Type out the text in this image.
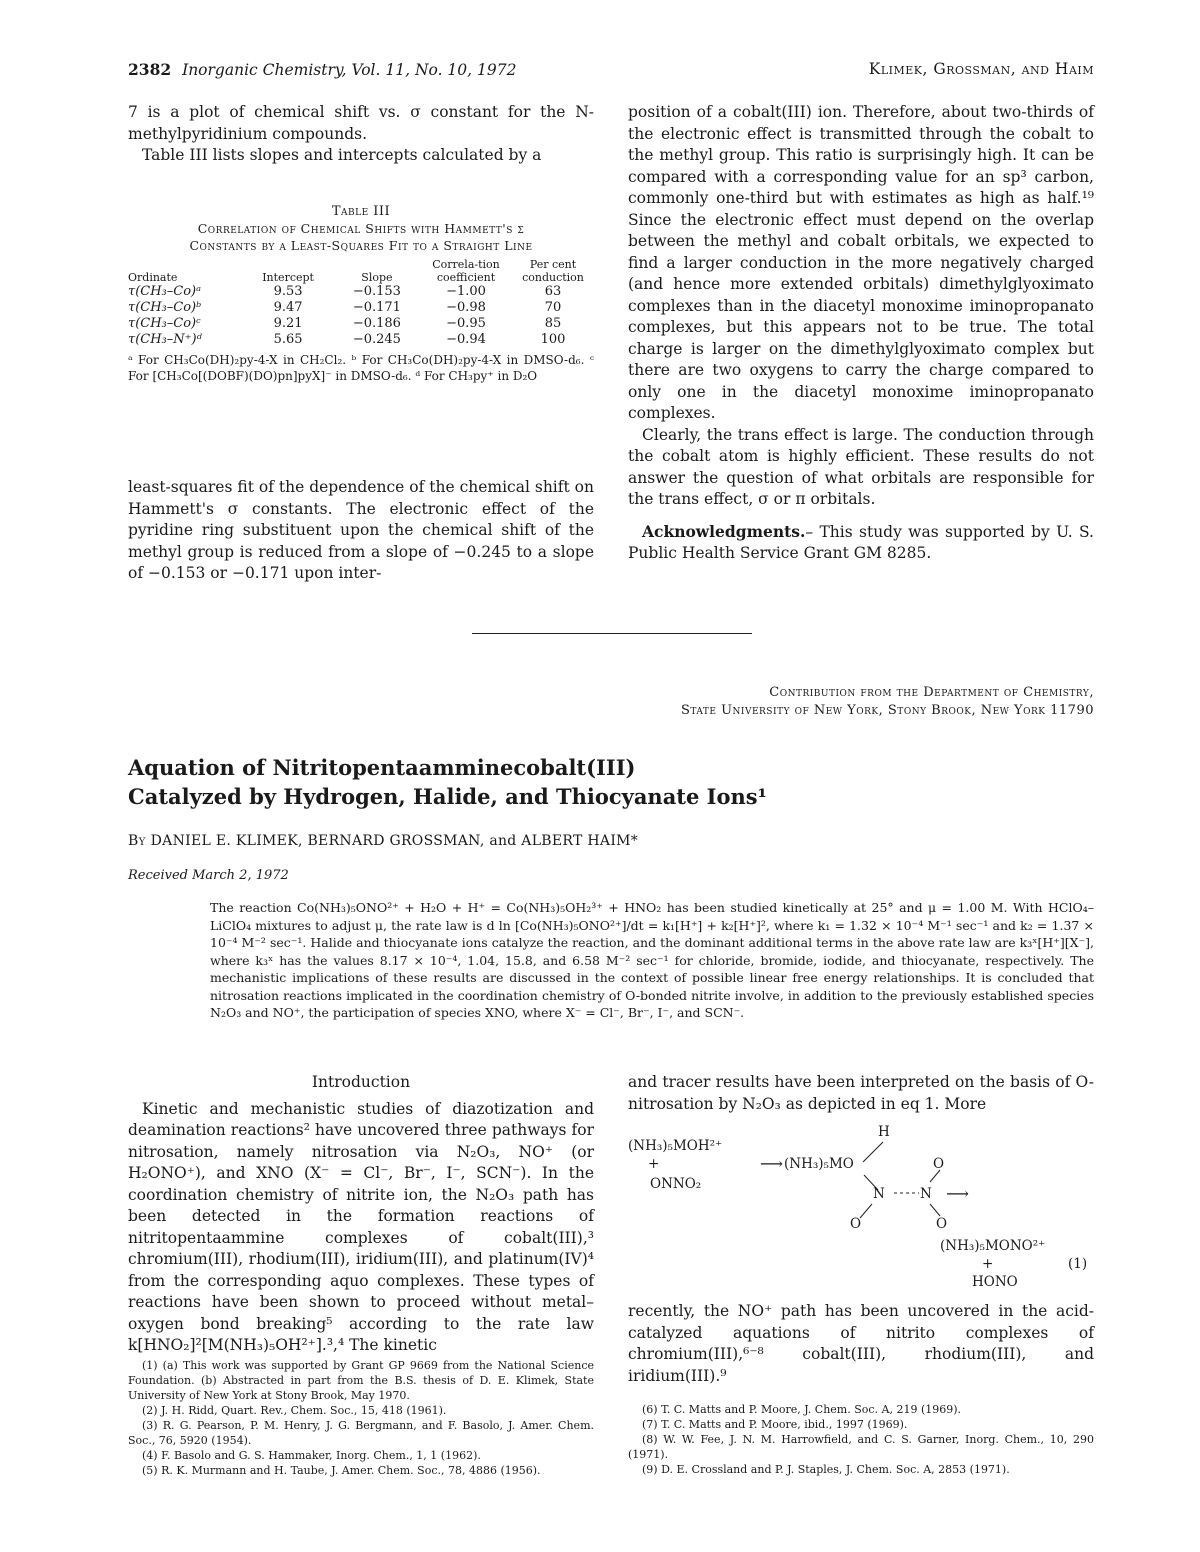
2382 Inorganic Chemistry, Vol. 11, No. 10, 1972	Klimek, Grossman, and Haim

7 is a plot of chemical shift vs. σ constant for the N-methylpyridinium compounds.

Table III lists slopes and intercepts calculated by a

Table III
Correlation of Chemical Shifts with Hammett's σ
Constants by a Least-Squares Fit to a Straight Line
Ordinate	Intercept	Slope	Correla-tion coefficient	Per cent conduction
τ(CH₃–Co)ᵃ	9.53	−0.153	−1.00	63
τ(CH₃–Co)ᵇ	9.47	−0.171	−0.98	70
τ(CH₃–Co)ᶜ	9.21	−0.186	−0.95	85
τ(CH₃–N⁺)ᵈ	5.65	−0.245	−0.94	100
ᵃ For CH₃Co(DH)₂py-4-X in CH₂Cl₂. ᵇ For CH₃Co(DH)₂py-4-X in DMSO-d₆. ᶜ For [CH₃Co[(DOBF)(DO)pn]pyX]⁻ in DMSO-d₆. ᵈ For CH₃py⁺ in D₂O

least-squares fit of the dependence of the chemical shift on Hammett's σ constants. The electronic effect of the pyridine ring substituent upon the chemical shift of the methyl group is reduced from a slope of −0.245 to a slope of −0.153 or −0.171 upon inter-

position of a cobalt(III) ion. Therefore, about two-thirds of the electronic effect is transmitted through the cobalt to the methyl group. This ratio is surprisingly high. It can be compared with a corresponding value for an sp³ carbon, commonly one-third but with estimates as high as half.¹⁹ Since the electronic effect must depend on the overlap between the methyl and cobalt orbitals, we expected to find a larger conduction in the more negatively charged (and hence more extended orbitals) dimethylglyoximato complexes than in the diacetyl monoxime iminopropanato complexes, but this appears not to be true. The total charge is larger on the dimethylglyoximato complex but there are two oxygens to carry the charge compared to only one in the diacetyl monoxime iminopropanato complexes.

Clearly, the trans effect is large. The conduction through the cobalt atom is highly efficient. These results do not answer the question of what orbitals are responsible for the trans effect, σ or π orbitals.

Acknowledgments.– This study was supported by U. S. Public Health Service Grant GM 8285.

Contribution from the Department of Chemistry,
State University of New York, Stony Brook, New York 11790
Aquation of Nitritopentaamminecobalt(III)
Catalyzed by Hydrogen, Halide, and Thiocyanate Ions¹
By DANIEL E. KLIMEK, BERNARD GROSSMAN, and ALBERT HAIM*
Received March 2, 1972
The reaction Co(NH₃)₅ONO²⁺ + H₂O + H⁺ = Co(NH₃)₅OH₂³⁺ + HNO₂ has been studied kinetically at 25° and μ = 1.00 M. With HClO₄–LiClO₄ mixtures to adjust μ, the rate law is d ln [Co(NH₃)₅ONO²⁺]/dt = k₁[H⁺] + k₂[H⁺]², where k₁ = 1.32 × 10⁻⁴ M⁻¹ sec⁻¹ and k₂ = 1.37 × 10⁻⁴ M⁻² sec⁻¹. Halide and thiocyanate ions catalyze the reaction, and the dominant additional terms in the above rate law are k₃ˣ[H⁺][X⁻], where k₃ˣ has the values 8.17 × 10⁻⁴, 1.04, 15.8, and 6.58 M⁻² sec⁻¹ for chloride, bromide, iodide, and thiocyanate, respectively. The mechanistic implications of these results are discussed in the context of possible linear free energy relationships. It is concluded that nitrosation reactions implicated in the coordination chemistry of O-bonded nitrite involve, in addition to the previously established species N₂O₃ and NO⁺, the participation of species XNO, where X⁻ = Cl⁻, Br⁻, I⁻, and SCN⁻.
Introduction

Kinetic and mechanistic studies of diazotization and deamination reactions² have uncovered three pathways for nitrosation, namely nitrosation via N₂O₃, NO⁺ (or H₂ONO⁺), and XNO (X⁻ = Cl⁻, Br⁻, I⁻, SCN⁻). In the coordination chemistry of nitrite ion, the N₂O₃ path has been detected in the formation reactions of nitritopentaammine complexes of cobalt(III),³ chromium(III), rhodium(III), iridium(III), and platinum(IV)⁴ from the corresponding aquo complexes. These types of reactions have been shown to proceed without metal–oxygen bond breaking⁵ according to the rate law k[HNO₂]²[M(NH₃)₅OH²⁺].³,⁴ The kinetic

(1) (a) This work was supported by Grant GP 9669 from the National Science Foundation. (b) Abstracted in part from the B.S. thesis of D. E. Klimek, State University of New York at Stony Brook, May 1970.

(2) J. H. Ridd, Quart. Rev., Chem. Soc., 15, 418 (1961).

(3) R. G. Pearson, P. M. Henry, J. G. Bergmann, and F. Basolo, J. Amer. Chem. Soc., 76, 5920 (1954).

(4) F. Basolo and G. S. Hammaker, Inorg. Chem., 1, 1 (1962).

(5) R. K. Murmann and H. Taube, J. Amer. Chem. Soc., 78, 4886 (1956).

and tracer results have been interpreted on the basis of O-nitrosation by N₂O₃ as depicted in eq 1. More

(NH₃)₅MOH²⁺
+
ONNO₂
⟶ (NH₃)₅MO
H
N	N
O
O	O
⟶
(NH₃)₅MONO²⁺
+
HONO
(1)

recently, the NO⁺ path has been uncovered in the acid-catalyzed aquations of nitrito complexes of chromium(III),⁶⁻⁸ cobalt(III), rhodium(III), and iridium(III).⁹

(6) T. C. Matts and P. Moore, J. Chem. Soc. A, 219 (1969).

(7) T. C. Matts and P. Moore, ibid., 1997 (1969).

(8) W. W. Fee, J. N. M. Harrowfield, and C. S. Garner, Inorg. Chem., 10, 290 (1971).

(9) D. E. Crossland and P. J. Staples, J. Chem. Soc. A, 2853 (1971).
